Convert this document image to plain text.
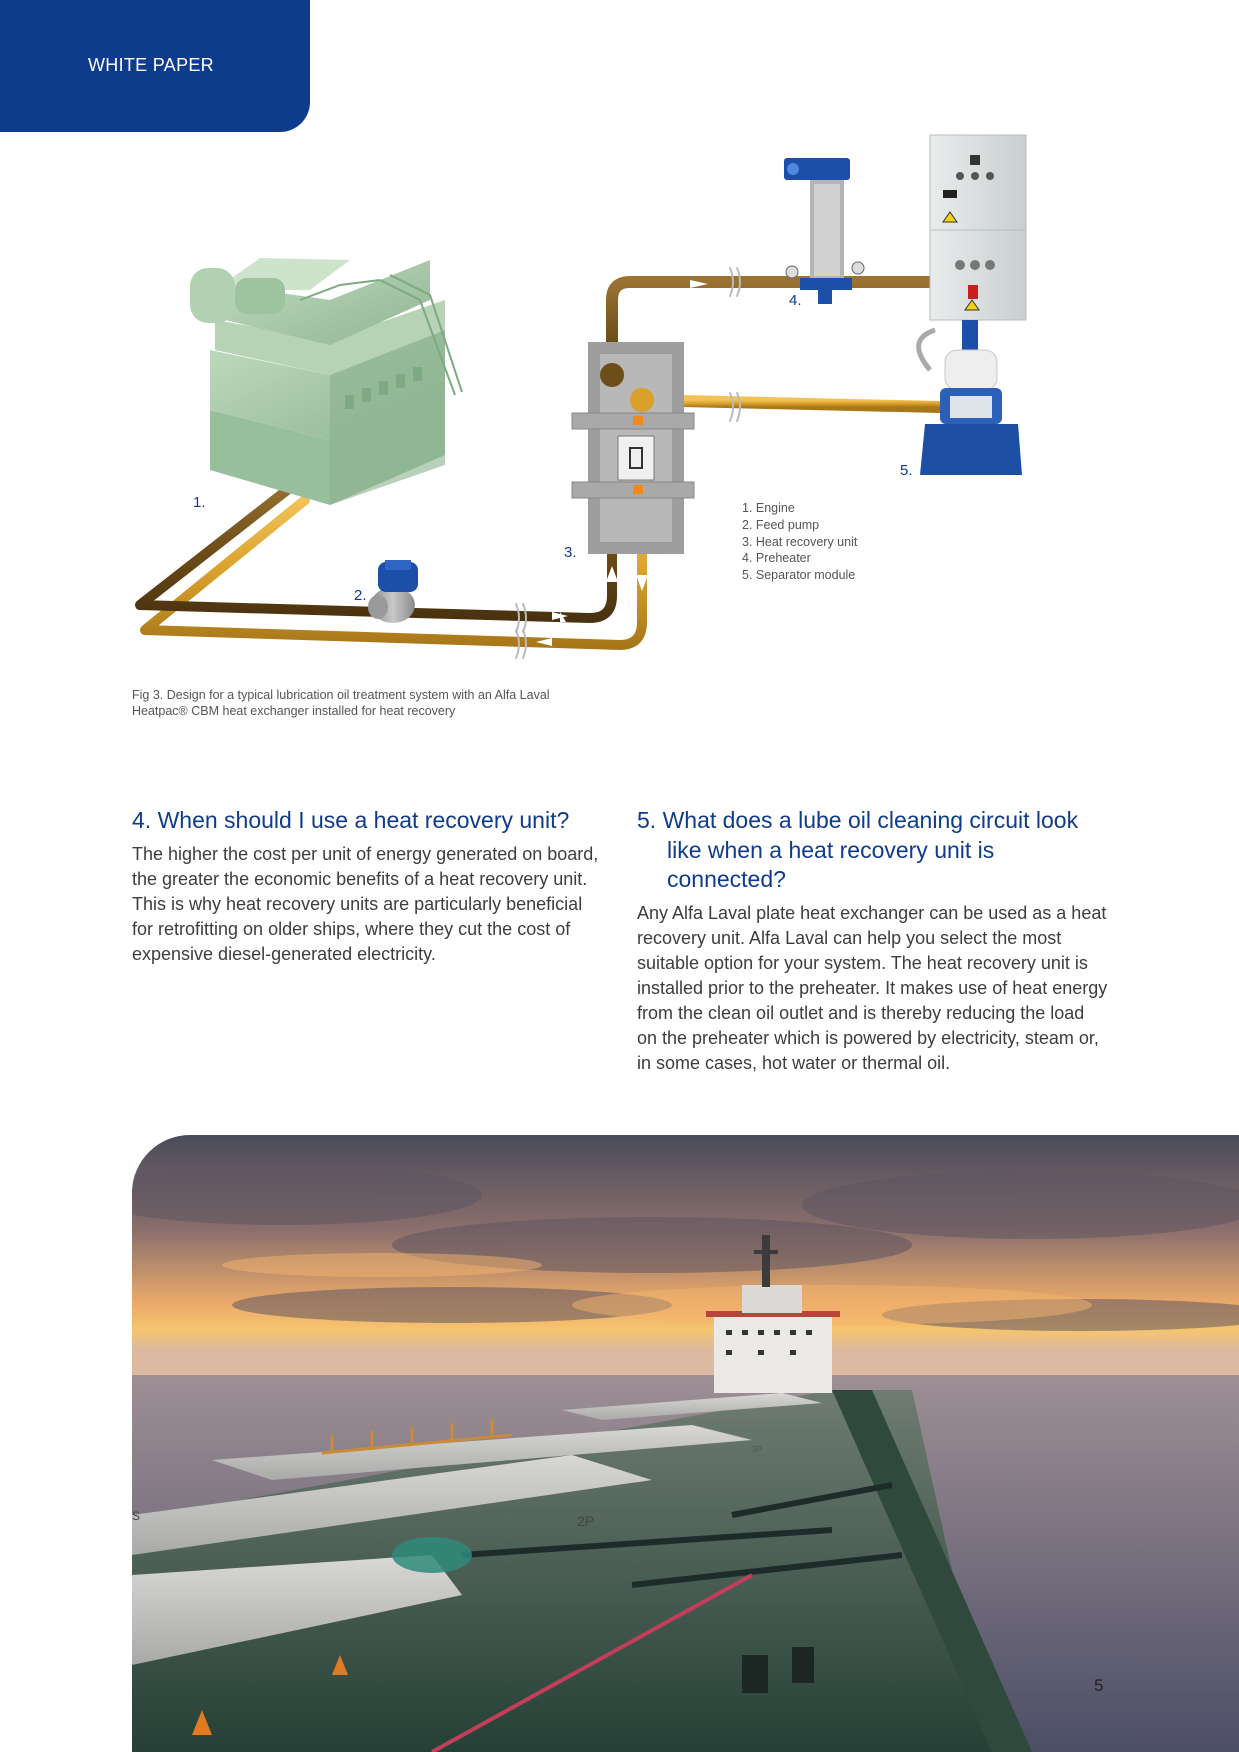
WHITE PAPER
1.
2.
3.
4.
5.
1. Engine
2. Feed pump
3. Heat recovery unit
4. Preheater
5. Separator module
Fig 3. Design for a typical lubrication oil treatment system with an Alfa Laval
Heatpac® CBM heat exchanger installed for heat recovery
4. When should I use a heat recovery unit?

The higher the cost per unit of energy generated on board, the greater the economic benefits of a heat recovery unit. This is why heat recovery units are particularly beneficial for retrofitting on older ships, where they cut the cost of expensive diesel-generated electricity.

5. What does a lube oil cleaning circuit look like when a heat recovery unit is connected?

Any Alfa Laval plate heat exchanger can be used as a heat recovery unit. Alfa Laval can help you select the most suitable option for your system. The heat recovery unit is installed prior to the preheater. It makes use of heat energy from the clean oil outlet and is thereby reducing the load on the preheater which is powered by electricity, steam or, in some cases, hot water or thermal oil.

2P
3P
S
5
